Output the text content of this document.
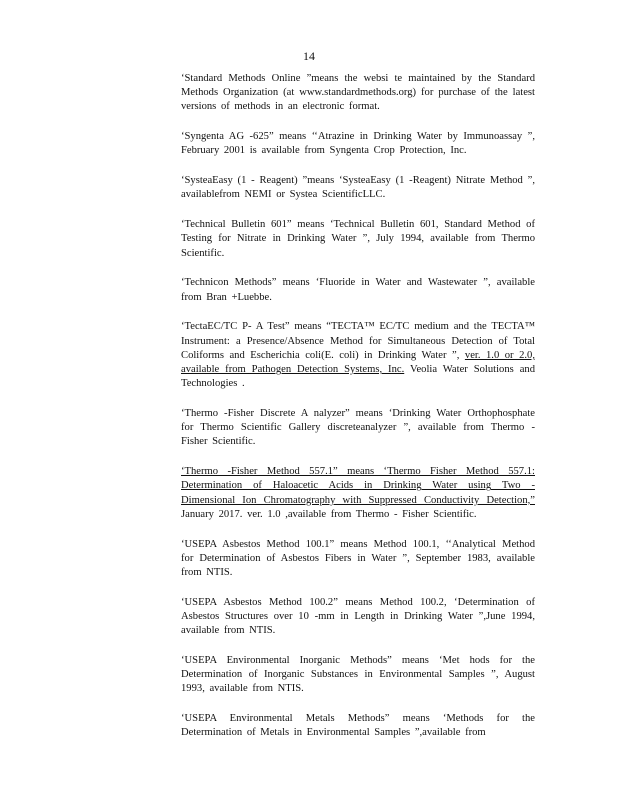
14

‘Standard Methods Online ”means the websi te maintained by the Standard Methods Organization (at www.standardmethods.org) for purchase of the latest versions of methods in an electronic format.

‘Syngenta AG -625” means ‘‘Atrazine in Drinking Water by Immunoassay ”, February 2001 is available from Syngenta Crop Protection, Inc.

‘SysteaEasy (1 - Reagent) ”means ‘SysteaEasy (1 -Reagent) Nitrate Method ”, availablefrom NEMI or Systea ScientificLLC.

‘Technical Bulletin 601” means ‘Technical Bulletin 601, Standard Method of Testing for Nitrate in Drinking Water ”, July 1994, available from Thermo Scientific.

‘Technicon Methods” means ‘Fluoride in Water and Wastewater ”, available from Bran +Luebbe.

‘TectaEC/TC P- A Test” means “TECTA™ EC/TC medium and the TECTA™ Instrument: a Presence/Absence Method for Simultaneous Detection of Total Coliforms and Escherichia coli(E. coli) in Drinking Water ”, ver. 1.0 or 2.0, available from Pathogen Detection Systems, Inc. Veolia Water Solutions and Technologies .

‘Thermo -Fisher Discrete A nalyzer” means ‘Drinking Water Orthophosphate for Thermo Scientific Gallery discreteanalyzer ”, available from Thermo -Fisher Scientific.

‘Thermo -Fisher Method 557.1” means ‘Thermo Fisher Method 557.1: Determination of Haloacetic Acids in Drinking Water using Two - Dimensional Ion Chromatography with Suppressed Conductivity Detection,” January 2017. ver. 1.0 ,available from Thermo - Fisher Scientific.

‘USEPA Asbestos Method 100.1” means Method 100.1, ‘‘Analytical Method for Determination of Asbestos Fibers in Water ”, September 1983, available from NTIS.

‘USEPA Asbestos Method 100.2” means Method 100.2, ‘Determination of Asbestos Structures over 10 -mm in Length in Drinking Water ”,June 1994, available from NTIS.

‘USEPA Environmental Inorganic Methods” means ‘Met hods for the Determination of Inorganic Substances in Environmental Samples ”, August 1993, available from NTIS.

‘USEPA Environmental Metals Methods” means ‘Methods for the Determination of Metals in Environmental Samples ”,available from
